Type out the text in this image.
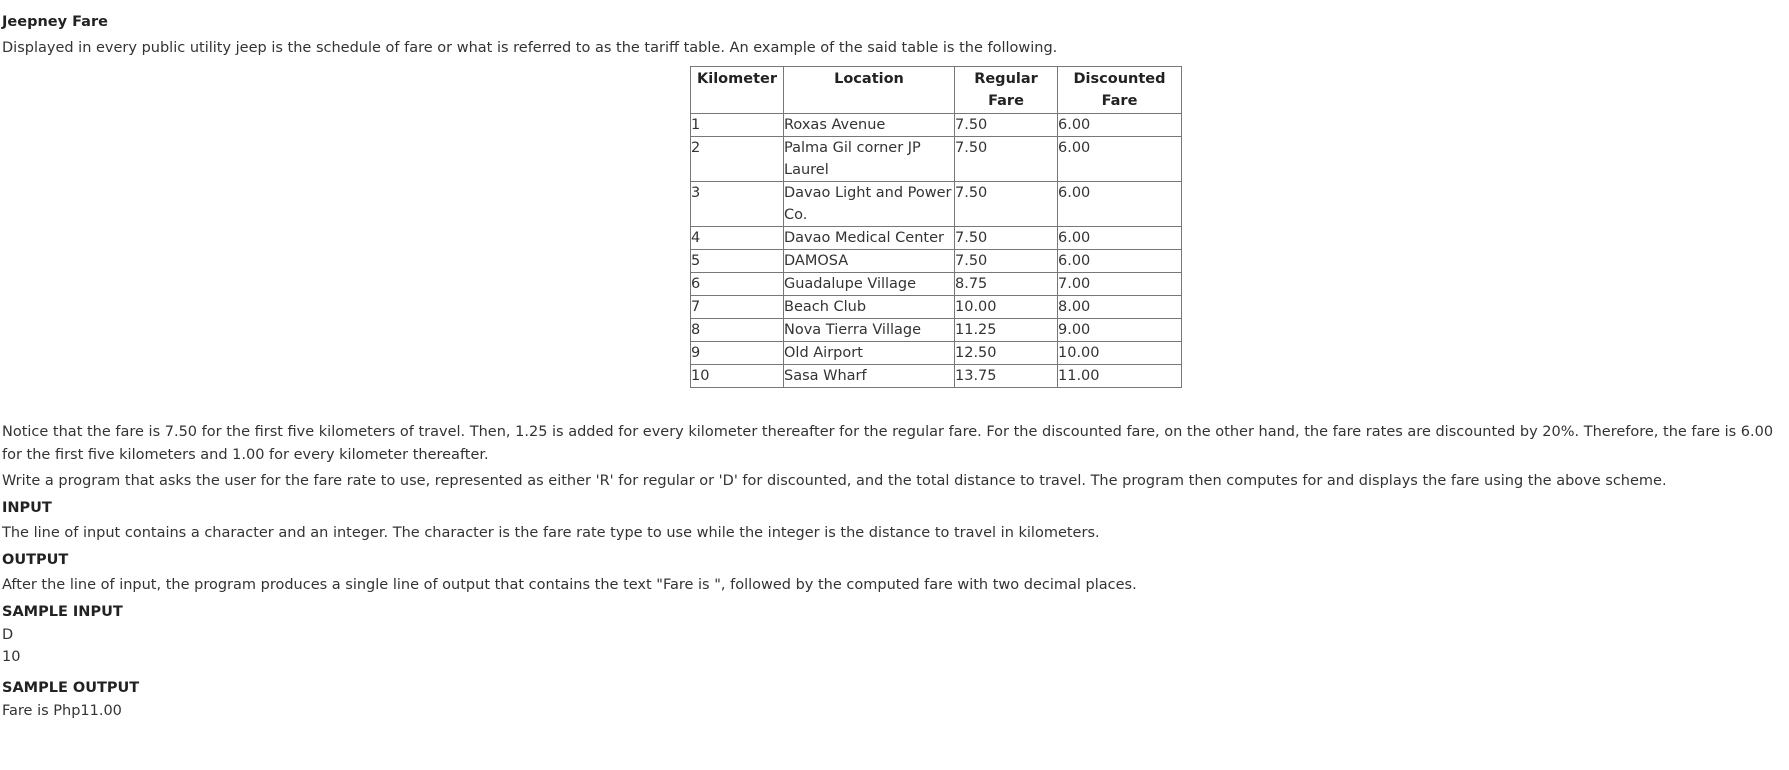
Jeepney Fare

Displayed in every public utility jeep is the schedule of fare or what is referred to as the tariff table. An example of the said table is the following.

Kilometer	Location	Regular Fare	Discounted Fare
1	Roxas Avenue	7.50	6.00
2	Palma Gil corner JP Laurel	7.50	6.00
3	Davao Light and Power Co.	7.50	6.00
4	Davao Medical Center	7.50	6.00
5	DAMOSA	7.50	6.00
6	Guadalupe Village	8.75	7.00
7	Beach Club	10.00	8.00
8	Nova Tierra Village	11.25	9.00
9	Old Airport	12.50	10.00
10	Sasa Wharf	13.75	11.00

Notice that the fare is 7.50 for the first five kilometers of travel. Then, 1.25 is added for every kilometer thereafter for the regular fare. For the discounted fare, on the other hand, the fare rates are discounted by 20%. Therefore, the fare is 6.00 for the first five kilometers and 1.00 for every kilometer thereafter.

Write a program that asks the user for the fare rate to use, represented as either 'R' for regular or 'D' for discounted, and the total distance to travel. The program then computes for and displays the fare using the above scheme.

INPUT

The line of input contains a character and an integer. The character is the fare rate type to use while the integer is the distance to travel in kilometers.

OUTPUT

After the line of input, the program produces a single line of output that contains the text "Fare is ", followed by the computed fare with two decimal places.

SAMPLE INPUT

D

10

SAMPLE OUTPUT

Fare is Php11.00
